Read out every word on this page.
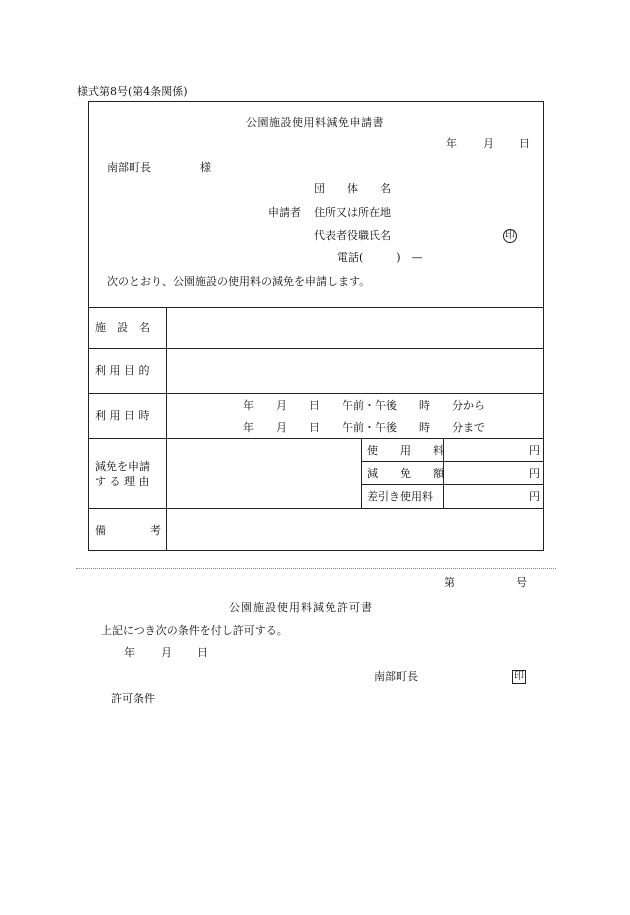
様式第8号(第4条関係)
公園施設使用料減免申請書
年 月 日
南部町長	様
団　　体　　名
申請者 住所又は所在地
代表者役職氏名	印
電話(　　　)　—
次のとおり、公園施設の使用料の減免を申請します。
施　設　名
利 用 目 的
利 用 日 時
年　　月　　日　　午前・午後　　時　　分から
年　　月　　日　　午前・午後　　時　　分まで
減免を申請
す る 理 由
使　　用　　料	円
減　　免　　額	円
差引き使用料	円
備　　　　考
第	号
公園施設使用料減免許可書
上記につき次の条件を付し許可する。
年 月 日
南部町長	印
許可条件
